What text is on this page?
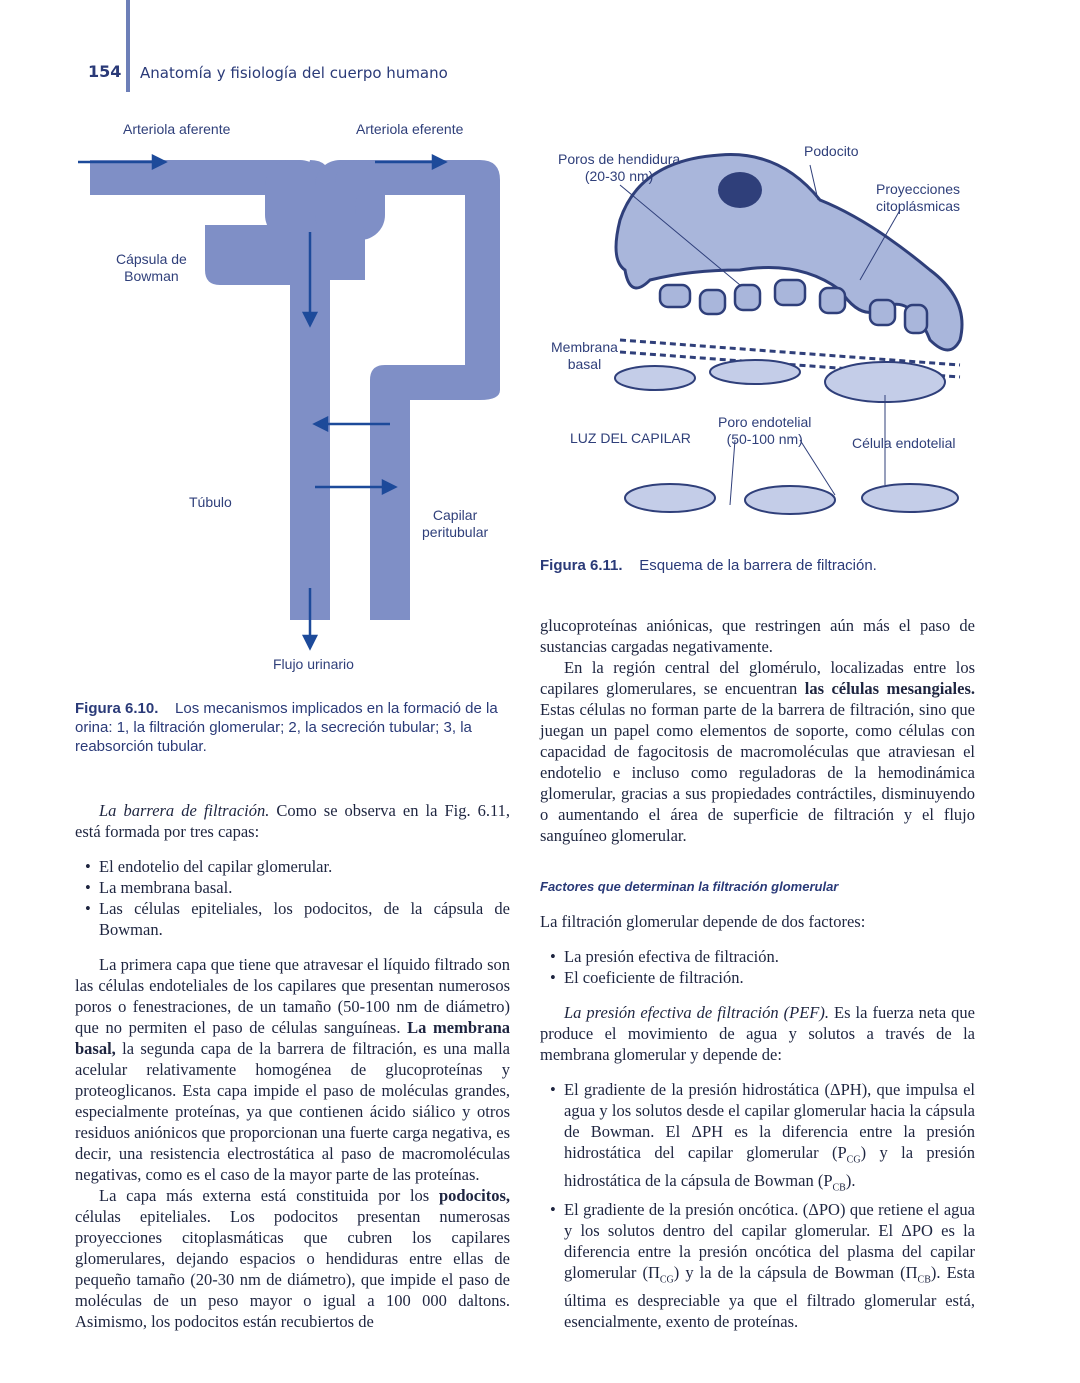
154 Anatomía y fisiología del cuerpo humano
Arteriola aferente	Arteriola eferente
Cápsula de
Bowman
Túbulo
Capilar
peritubular
Flujo urinario
Figura 6.10. Los mecanismos implicados en la formació de la orina: 1, la filtración glomerular; 2, la secreción tubular; 3, la reabsorción tubular.
Poros de hendidura
(20-30 nm)
Podocito
Proyecciones
citoplásmicas
Membrana
basal
LUZ DEL CAPILAR
Poro endotelial
(50-100 nm)	Célula endotelial
Figura 6.11. Esquema de la barrera de filtración.

La barrera de filtración. Como se observa en la Fig. 6.11, está formada por tres capas:

• El endotelio del capilar glomerular.
• La membrana basal.
• Las células epiteliales, los podocitos, de la cápsula de Bowman.

La primera capa que tiene que atravesar el líquido filtrado son las células endoteliales de los capilares que presentan numerosos poros o fenestraciones, de un tamaño (50-100 nm de diámetro) que no permiten el paso de células sanguíneas. La membrana basal, la segunda capa de la barrera de filtración, es una malla acelular relativamente homogénea de glucoproteínas y proteoglicanos. Esta capa impide el paso de moléculas grandes, especialmente proteínas, ya que contienen ácido siálico y otros residuos aniónicos que proporcionan una fuerte carga negativa, es decir, una resistencia electrostática al paso de macromoléculas negativas, como es el caso de la mayor parte de las proteínas.

La capa más externa está constituida por los podocitos, células epiteliales. Los podocitos presentan numerosas proyecciones citoplasmáticas que cubren los capilares glomerulares, dejando espacios o hendiduras entre ellas de pequeño tamaño (20-30 nm de diámetro), que impide el paso de moléculas de un peso mayor o igual a 100 000 daltons. Asimismo, los podocitos están recubiertos de

glucoproteínas aniónicas, que restringen aún más el paso de sustancias cargadas negativamente.

En la región central del glomérulo, localizadas entre los capilares glomerulares, se encuentran las células mesangiales. Estas células no forman parte de la barrera de filtración, sino que juegan un papel como elementos de soporte, como células con capacidad de fagocitosis de macromoléculas que atraviesan el endotelio e incluso como reguladoras de la hemodinámica glomerular, gracias a sus propiedades contráctiles, disminuyendo o aumentando el área de superficie de filtración y el flujo sanguíneo glomerular.

Factores que determinan la filtración glomerular

La filtración glomerular depende de dos factores:

• La presión efectiva de filtración.
• El coeficiente de filtración.

La presión efectiva de filtración (PEF). Es la fuerza neta que produce el movimiento de agua y solutos a través de la membrana glomerular y depende de:

• El gradiente de la presión hidrostática (ΔPH), que impulsa el agua y los solutos desde el capilar glomerular hacia la cápsula de Bowman. El ΔPH es la diferencia entre la presión hidrostática del capilar glomerular $(P_{CG})$ y la presión hidrostática de la cápsula de Bowman $(P_{CB})$.
• El gradiente de la presión oncótica. (ΔPO) que retiene el agua y los solutos dentro del capilar glomerular. El ΔPO es la diferencia entre la presión oncótica del plasma del capilar glomerular $(\Pi_{CG})$ y la de la cápsula de Bowman $(\Pi_{CB})$. Esta última es despreciable ya que el filtrado glomerular está, esencialmente, exento de proteínas.
